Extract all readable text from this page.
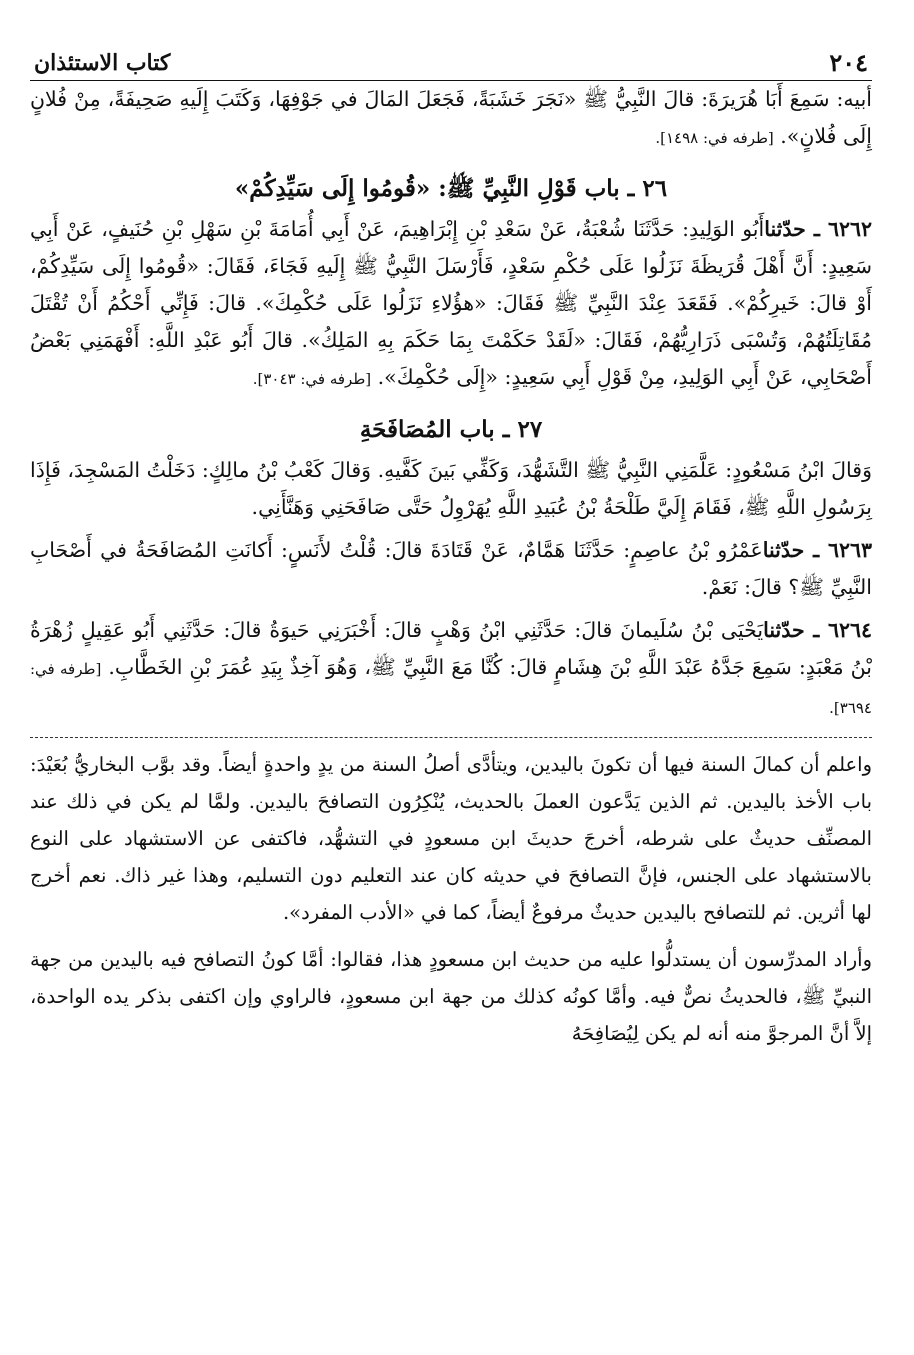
٢٠٤
كتاب الاستئذان

أبيه: سَمِعَ أَبَا هُرَيرَةَ: قالَ النَّبِيُّ ﷺ «نَجَرَ خَشَبَةً، فَجَعَلَ المَالَ في جَوْفِهَا، وَكَتَبَ إِلَيهِ صَحِيفَةً، مِنْ فُلانٍ إِلَى فُلانٍ». [طرفه في: ١٤٩٨].

٢٦ ـ باب قَوْلِ النَّبِيِّ ﷺ: «قُومُوا إِلَى سَيِّدِكُمْ»

٦٢٦٢ ـ حدّثناأَبُو الوَلِيدِ: حَدَّثَنَا شُعْبَةُ، عَنْ سَعْدِ بْنِ إِبْرَاهِيمَ، عَنْ أَبِي أُمَامَةَ بْنِ سَهْلِ بْنِ حُنَيفٍ، عَنْ أَبِي سَعِيدٍ: أَنَّ أَهْلَ قُرَيظَةَ نَزَلُوا عَلَى حُكْمِ سَعْدٍ، فَأَرْسَلَ النَّبِيُّ ﷺ إِلَيهِ فَجَاءَ، فَقَالَ: «قُومُوا إِلَى سَيِّدِكُمْ، أَوْ قالَ: خَيرِكُمْ». فَقَعَدَ عِنْدَ النَّبِيِّ ﷺ فَقَالَ: «هؤُلاءِ نَزَلُوا عَلَى حُكْمِكَ». قالَ: فَإِنِّي أَحْكُمُ أَنْ تُقْتَلَ مُقَاتِلَتُهُمْ، وَتُسْبَى ذَرَارِيُّهُمْ، فَقَالَ: «لَقَدْ حَكَمْتَ بِمَا حَكَمَ بِهِ المَلِكُ». قالَ أَبُو عَبْدِ اللَّهِ: أَفْهَمَنِي بَعْضُ أَصْحَابِي، عَنْ أَبِي الوَلِيدِ، مِنْ قَوْلِ أَبِي سَعِيدٍ: «إِلَى حُكْمِكَ». [طرفه في: ٣٠٤٣].

٢٧ ـ باب المُصَافَحَةِ

وَقالَ ابْنُ مَسْعُودٍ: عَلَّمَنِي النَّبِيُّ ﷺ التَّشَهُّدَ، وَكَفِّي بَينَ كَفَّيهِ. وَقالَ كَعْبُ بْنُ مالِكٍ: دَخَلْتُ المَسْجِدَ، فَإِذَا بِرَسُولِ اللَّهِ ﷺ، فَقَامَ إِلَيَّ طَلْحَةُ بْنُ عُبَيدِ اللَّهِ يُهَرْوِلُ حَتَّى صَافَحَنِي وَهَنَّأَنِي.

٦٢٦٣ ـ حدّثناعَمْرُو بْنُ عاصِمٍ: حَدَّثَنَا هَمَّامٌ، عَنْ قَتَادَةَ قالَ: قُلْتُ لأَنَسٍ: أَكانَتِ المُصَافَحَةُ في أَصْحَابِ النَّبِيِّ ﷺ؟ قالَ: نَعَمْ.

٦٢٦٤ ـ حدّثنايَحْيَى بْنُ سُلَيمانَ قالَ: حَدَّثَنِي ابْنُ وَهْبٍ قالَ: أَخْبَرَنِي حَيوَةُ قالَ: حَدَّثَنِي أَبُو عَقِيلٍ زُهْرَةُ بْنُ مَعْبَدٍ: سَمِعَ جَدَّهُ عَبْدَ اللَّهِ بْنَ هِشَامٍ قالَ: كُنَّا مَعَ النَّبِيِّ ﷺ، وَهُوَ آخِذٌ بِيَدِ عُمَرَ بْنِ الخَطَّابِ. [طرفه في: ٣٦٩٤].

واعلم أن كمالَ السنة فيها أن تكونَ باليدين، ويتأدَّى أصلُ السنة من يدٍ واحدةٍ أيضاً. وقد بوَّب البخاريُّ بُعَيْدَ: باب الأخذ باليدين. ثم الذين يَدَّعون العملَ بالحديث، يُنْكِرُون التصافحَ باليدين. ولمَّا لم يكن في ذلك عند المصنِّف حديثٌ على شرطه، أخرجَ حديثَ ابن مسعودٍ في التشهُّد، فاكتفى عن الاستشهاد على النوع بالاستشهاد على الجنس، فإنَّ التصافحَ في حديثه كان عند التعليم دون التسليم، وهذا غير ذاك. نعم أخرج لها أثرين. ثم للتصافح باليدين حديثٌ مرفوعٌ أيضاً، كما في «الأدب المفرد».

وأراد المدرِّسون أن يستدلُّوا عليه من حديث ابن مسعودٍ هذا، فقالوا: أمَّا كونُ التصافح فيه باليدين من جهة النبيِّ ﷺ، فالحديثُ نصٌّ فيه. وأمَّا كونُه كذلك من جهة ابن مسعودٍ، فالراوي وإن اكتفى بذكر يده الواحدة، إلاَّ أنَّ المرجوَّ منه أنه لم يكن لِيُصَافِحَهُ
